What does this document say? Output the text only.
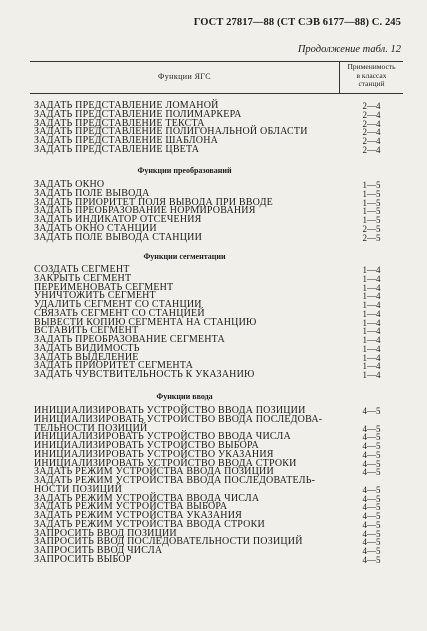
ГОСТ 27817—88 (СТ СЭВ 6177—88) С. 245
Продолжение табл. 12
Функции ЯГС
Применимость
в классах
станций
ЗАДАТЬ ПРЕДСТАВЛЕНИЕ ЛОМАНОЙ	2—4
ЗАДАТЬ ПРЕДСТАВЛЕНИЕ ПОЛИМАРКЕРА	2—4
ЗАДАТЬ ПРЕДСТАВЛЕНИЕ ТЕКСТА	2—4
ЗАДАТЬ ПРЕДСТАВЛЕНИЕ ПОЛИГОНАЛЬНОЙ ОБЛАСТИ	2—4
ЗАДАТЬ ПРЕДСТАВЛЕНИЕ ШАБЛОНА	2—4
ЗАДАТЬ ПРЕДСТАВЛЕНИЕ ЦВЕТА	2—4
Функции преобразований
ЗАДАТЬ ОКНО	1—5
ЗАДАТЬ ПОЛЕ ВЫВОДА	1—5
ЗАДАТЬ ПРИОРИТЕТ ПОЛЯ ВЫВОДА ПРИ ВВОДЕ	1—5
ЗАДАТЬ ПРЕОБРАЗОВАНИЕ НОРМИРОВАНИЯ	1—5
ЗАДАТЬ ИНДИКАТОР ОТСЕЧЕНИЯ	1—5
ЗАДАТЬ ОКНО СТАНЦИИ	2—5
ЗАДАТЬ ПОЛЕ ВЫВОДА СТАНЦИИ	2—5
Функции сегментации
СОЗДАТЬ СЕГМЕНТ	1—4
ЗАКРЫТЬ СЕГМЕНТ	1—4
ПЕРЕИМЕНОВАТЬ СЕГМЕНТ	1—4
УНИЧТОЖИТЬ СЕГМЕНТ	1—4
УДАЛИТЬ СЕГМЕНТ СО СТАНЦИИ	1—4
СВЯЗАТЬ СЕГМЕНТ СО СТАНЦИЕЙ	1—4
ВЫВЕСТИ КОПИЮ СЕГМЕНТА НА СТАНЦИЮ	1—4
ВСТАВИТЬ СЕГМЕНТ	1—4
ЗАДАТЬ ПРЕОБРАЗОВАНИЕ СЕГМЕНТА	1—4
ЗАДАТЬ ВИДИМОСТЬ	1—4
ЗАДАТЬ ВЫДЕЛЕНИЕ	1—4
ЗАДАТЬ ПРИОРИТЕТ СЕГМЕНТА	1—4
ЗАДАТЬ ЧУВСТВИТЕЛЬНОСТЬ К УКАЗАНИЮ	1—4
Функции ввода
ИНИЦИАЛИЗИРОВАТЬ УСТРОЙСТВО ВВОДА ПОЗИЦИИ	4—5
ИНИЦИАЛИЗИРОВАТЬ УСТРОЙСТВО ВВОДА ПОСЛЕДОВА-
ТЕЛЬНОСТИ ПОЗИЦИЙ	4—5
ИНИЦИАЛИЗИРОВАТЬ УСТРОЙСТВО ВВОДА ЧИСЛА	4—5
ИНИЦИАЛИЗИРОВАТЬ УСТРОЙСТВО ВЫБОРА	4—5
ИНИЦИАЛИЗИРОВАТЬ УСТРОЙСТВО УКАЗАНИЯ	4—5
ИНИЦИАЛИЗИРОВАТЬ УСТРОЙСТВО ВВОДА СТРОКИ	4—5
ЗАДАТЬ РЕЖИМ УСТРОЙСТВА ВВОДА ПОЗИЦИИ	4—5
ЗАДАТЬ РЕЖИМ УСТРОЙСТВА ВВОДА ПОСЛЕДОВАТЕЛЬ-
НОСТИ ПОЗИЦИЙ	4—5
ЗАДАТЬ РЕЖИМ УСТРОЙСТВА ВВОДА ЧИСЛА	4—5
ЗАДАТЬ РЕЖИМ УСТРОЙСТВА ВЫБОРА	4—5
ЗАДАТЬ РЕЖИМ УСТРОЙСТВА УКАЗАНИЯ	4—5
ЗАДАТЬ РЕЖИМ УСТРОЙСТВА ВВОДА СТРОКИ	4—5
ЗАПРОСИТЬ ВВОД ПОЗИЦИИ	4—5
ЗАПРОСИТЬ ВВОД ПОСЛЕДОВАТЕЛЬНОСТИ ПОЗИЦИЙ	4—5
ЗАПРОСИТЬ ВВОД ЧИСЛА	4—5
ЗАПРОСИТЬ ВЫБОР	4—5
